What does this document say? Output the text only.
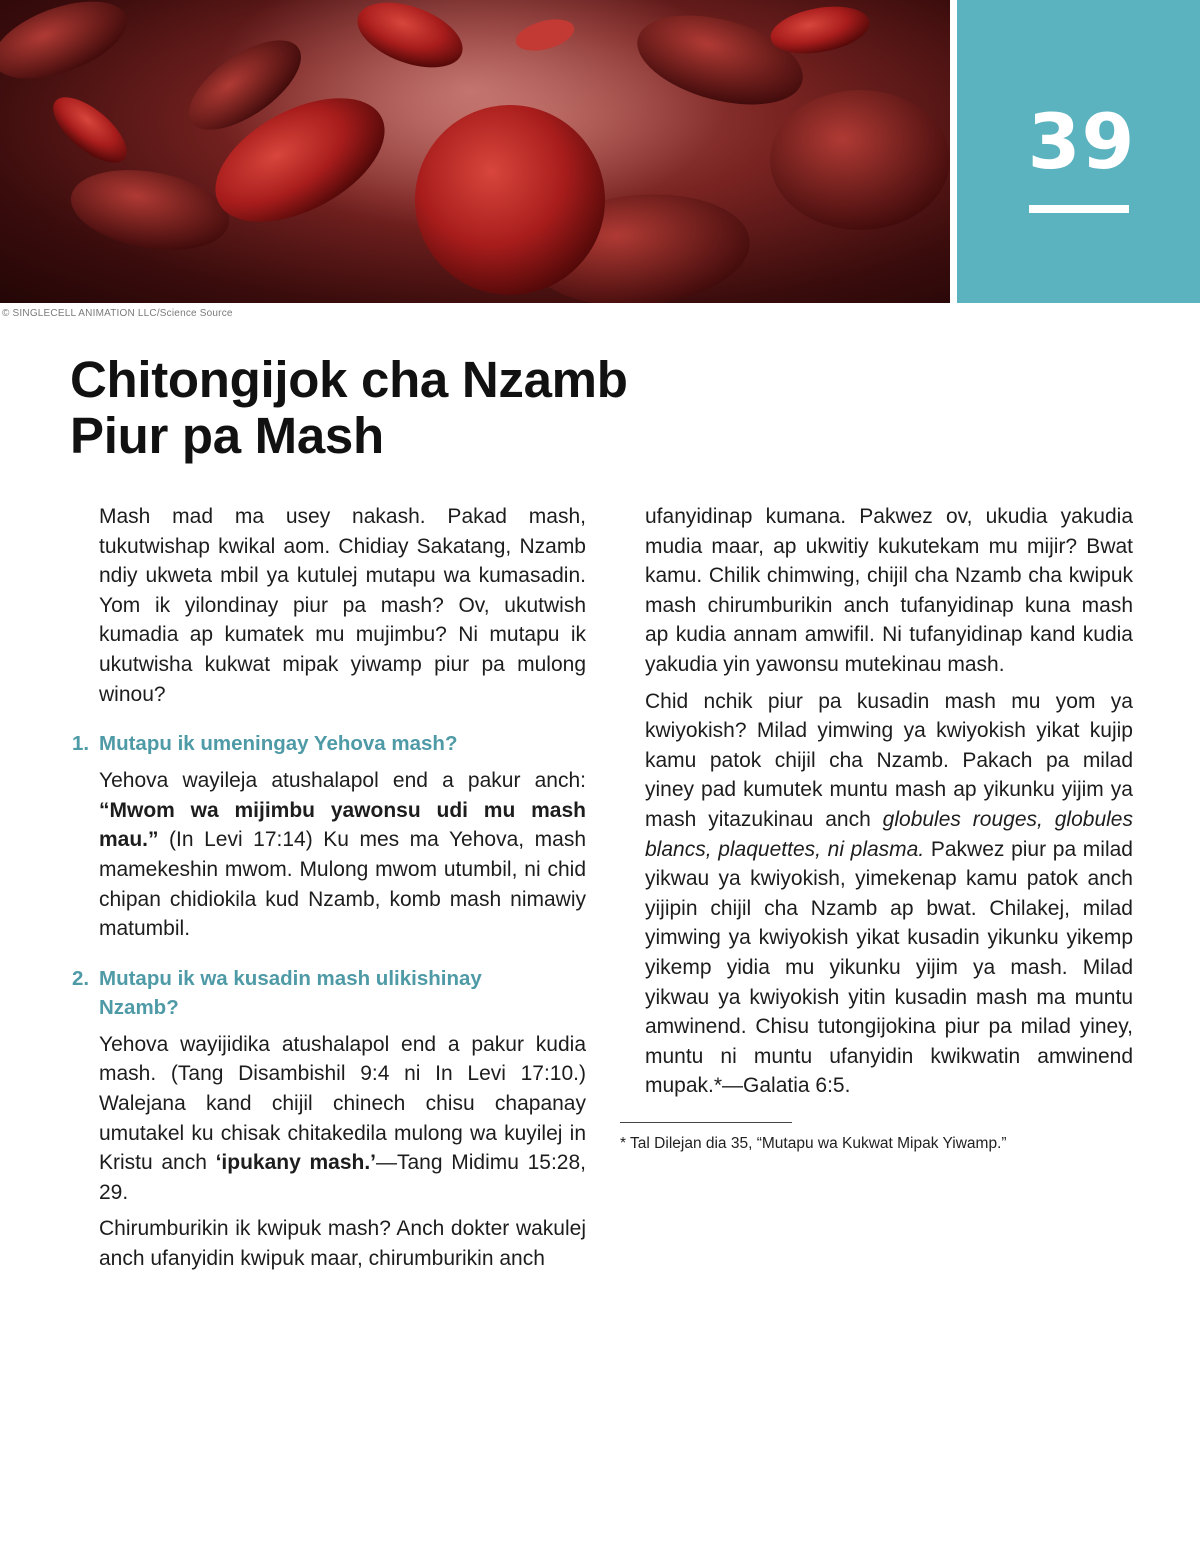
39
© SINGLECELL ANIMATION LLC/Science Source
Chitongijok cha Nzamb
Piur pa Mash

Mash mad ma usey nakash. Pakad mash, tukutwishap kwikal aom. Chidiay Sakatang, Nzamb ndiy ukweta mbil ya kutulej mutapu wa kumasadin. Yom ik yilondinay piur pa mash? Ov, ukutwish kumadia ap kumatek mu mujimbu? Ni mutapu ik ukutwisha kukwat mipak yiwamp piur pa mulong winou?

1. Mutapu ik umeningay Yehova mash?

Yehova wayileja atushalapol end a pakur anch: “Mwom wa mijimbu yawonsu udi mu mash mau.” (In Levi 17:14) Ku mes ma Yehova, mash mamekeshin mwom. Mulong mwom utumbil, ni chid chipan chidiokila kud Nzamb, komb mash nimawiy matumbil.

2. Mutapu ik wa kusadin mash ulikishinay Nzamb?

Yehova wayijidika atushalapol end a pakur kudia mash. (Tang Disambishil 9:4 ni In Levi 17:10.) Walejana kand chijil chinech chisu chapanay umutakel ku chisak chitakedila mulong wa kuyilej in Kristu anch ‘ipukany mash.’—Tang Midimu 15:28, 29.

Chirumburikin ik kwipuk mash? Anch dokter wakulej anch ufanyidin kwipuk maar, chirumburikin anch

ufanyidinap kumana. Pakwez ov, ukudia yakudia mudia maar, ap ukwitiy kukutekam mu mijir? Bwat kamu. Chilik chimwing, chijil cha Nzamb cha kwipuk mash chirumburikin anch tufanyidinap kuna mash ap kudia annam amwifil. Ni tufanyidinap kand kudia yakudia yin yawonsu mutekinau mash.

Chid nchik piur pa kusadin mash mu yom ya kwiyokish? Milad yimwing ya kwiyokish yikat kujip kamu patok chijil cha Nzamb. Pakach pa milad yiney pad kumutek muntu mash ap yikunku yijim ya mash yitazukinau anch globules rouges, globules blancs, plaquettes, ni plasma. Pakwez piur pa milad yikwau ya kwiyokish, yimekenap kamu patok anch yijipin chijil cha Nzamb ap bwat. Chilakej, milad yimwing ya kwiyokish yikat kusadin yikunku yikemp yikemp yidia mu yikunku yijim ya mash. Milad yikwau ya kwiyokish yitin kusadin mash ma muntu amwinend. Chisu tutongijokina piur pa milad yiney, muntu ni muntu ufanyidin kwikwatin amwinend mupak.*—Galatia 6:5.

* Tal Dilejan dia 35, “Mutapu wa Kukwat Mipak Yiwamp.”
